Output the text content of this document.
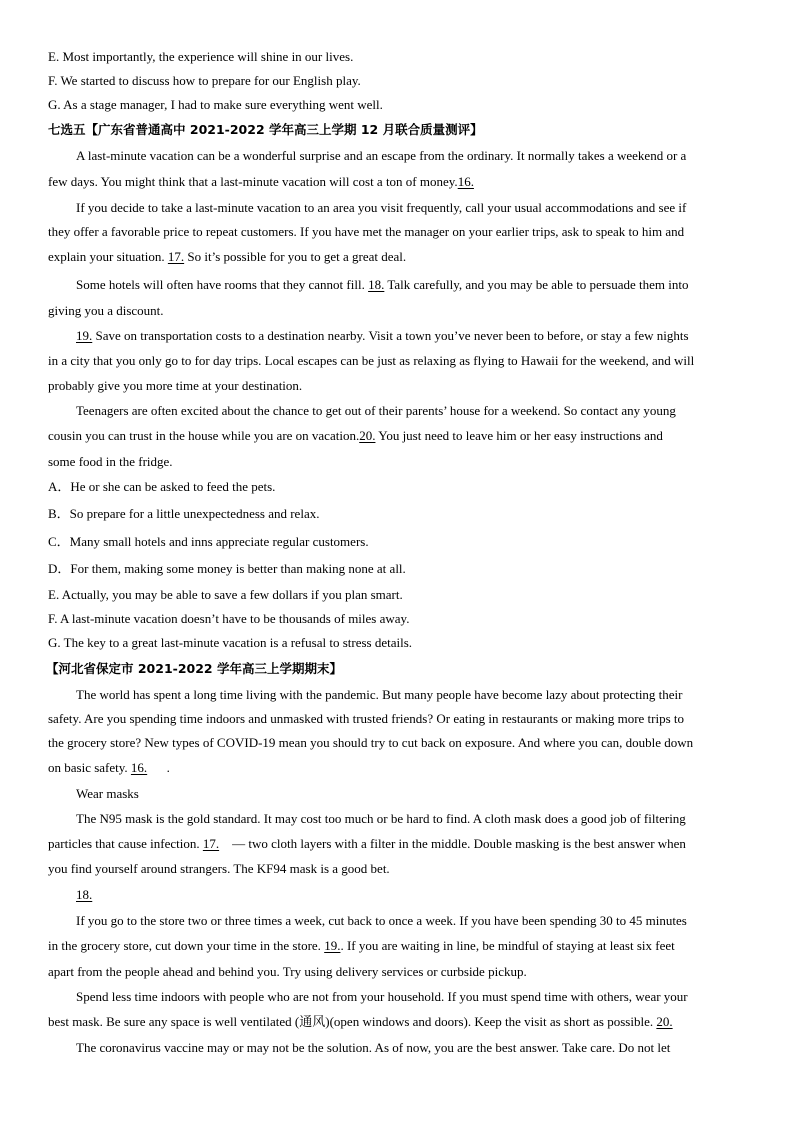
E. Most importantly, the experience will shine in our lives.
F. We started to discuss how to prepare for our English play.
G. As a stage manager, I had to make sure everything went well.
七选五【广东省普通高中 2021-2022 学年高三上学期 12 月联合质量测评】
A last-minute vacation can be a wonderful surprise and an escape from the ordinary. It normally takes a weekend or a
few days. You might think that a last-minute vacation will cost a ton of money.16.
If you decide to take a last-minute vacation to an area you visit frequently, call your usual accommodations and see if
they offer a favorable price to repeat customers. If you have met the manager on your earlier trips, ask to speak to him and
explain your situation. 17. So it’s possible for you to get a great deal.
Some hotels will often have rooms that they cannot fill. 18. Talk carefully, and you may be able to persuade them into
giving you a discount.
19. Save on transportation costs to a destination nearby. Visit a town you’ve never been to before, or stay a few nights
in a city that you only go to for day trips. Local escapes can be just as relaxing as flying to Hawaii for the weekend, and will
probably give you more time at your destination.
Teenagers are often excited about the chance to get out of their parents’ house for a weekend. So contact any young
cousin you can trust in the house while you are on vacation.20. You just need to leave him or her easy instructions and
some food in the fridge.
A．He or she can be asked to feed the pets.
B．So prepare for a little unexpectedness and relax.
C．Many small hotels and inns appreciate regular customers.
D．For them, making some money is better than making none at all.
E. Actually, you may be able to save a few dollars if you plan smart.
F. A last-minute vacation doesn’t have to be thousands of miles away.
G. The key to a great last-minute vacation is a refusal to stress details.
【河北省保定市 2021-2022 学年高三上学期期末】
The world has spent a long time living with the pandemic. But many people have become lazy about protecting their
safety. Are you spending time indoors and unmasked with trusted friends? Or eating in restaurants or making more trips to
the grocery store? New types of COVID-19 mean you should try to cut back on exposure. And where you can, double down
on basic safety. 16. .
Wear masks
The N95 mask is the gold standard. It may cost too much or be hard to find. A cloth mask does a good job of filtering
particles that cause infection. 17. — two cloth layers with a filter in the middle. Double masking is the best answer when
you find yourself around strangers. The KF94 mask is a good bet.
18.
If you go to the store two or three times a week, cut back to once a week. If you have been spending 30 to 45 minutes
in the grocery store, cut down your time in the store. 19.. If you are waiting in line, be mindful of staying at least six feet
apart from the people ahead and behind you. Try using delivery services or curbside pickup.
Spend less time indoors with people who are not from your household. If you must spend time with others, wear your
best mask. Be sure any space is well ventilated (通风)(open windows and doors). Keep the visit as short as possible. 20.
The coronavirus vaccine may or may not be the solution. As of now, you are the best answer. Take care. Do not let
